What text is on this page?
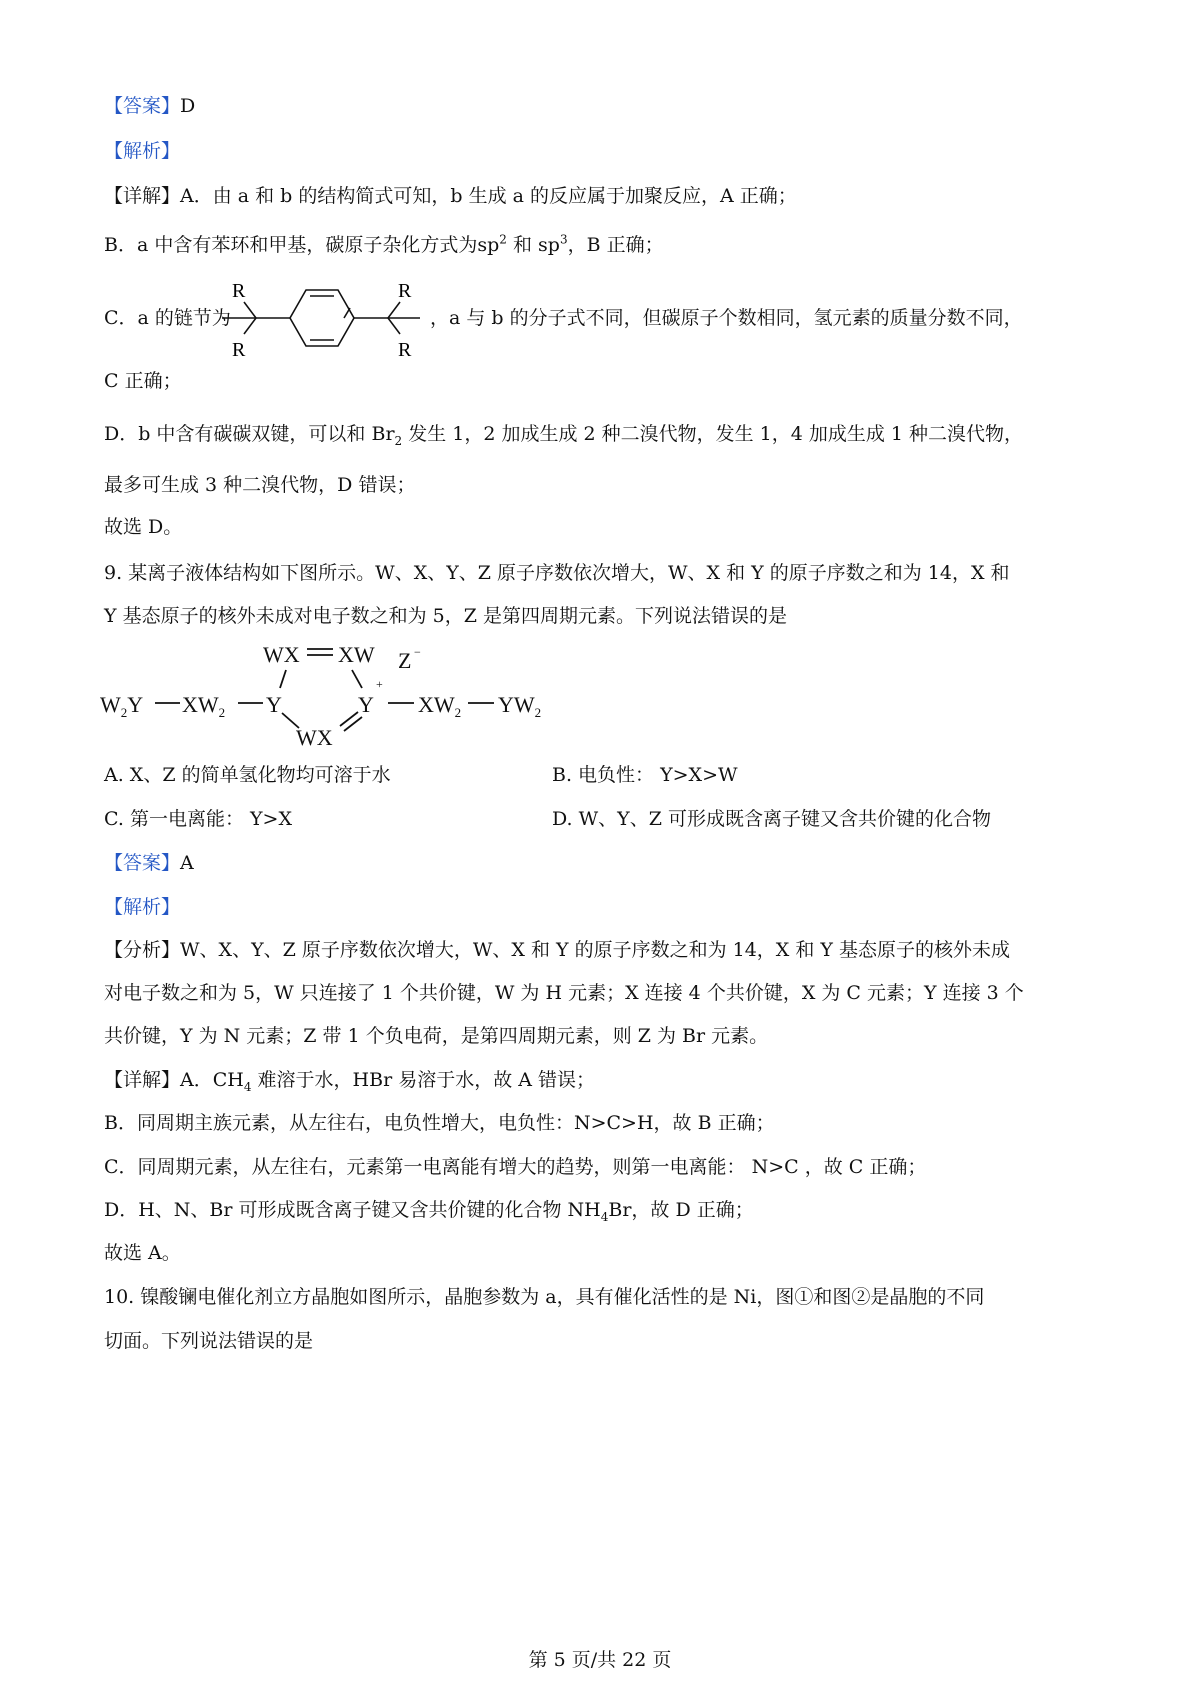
【答案】D
【解析】
【详解】A．由 a 和 b 的结构简式可知，b 生成 a 的反应属于加聚反应，A 正确；
B．a 中含有苯环和甲基，碳原子杂化方式为$sp^2$ 和 $sp^3$，B 正确；
C．a 的链节为
R
R
R
R
，a 与 b 的分子式不同，但碳原子个数相同，氢元素的质量分数不同，
C 正确；
D．b 中含有碳碳双键，可以和 $Br_2$ 发生 1，2 加成生成 2 种二溴代物，发生 1，4 加成生成 1 种二溴代物，
最多可生成 3 种二溴代物，D 错误；
故选 D。
9. 某离子液体结构如下图所示。W、X、Y、Z 原子序数依次增大，W、X 和 Y 的原子序数之和为 14，X 和
Y 基态原子的核外未成对电子数之和为 5，Z 是第四周期元素。下列说法错误的是
WX XW Z −
$W_2Y$ $XW_2$ Y	Y
+
$XW_2$ $YW_2$
WX
A. X、Z 的简单氢化物均可溶于水	B. 电负性： Y>X>W
C. 第一电离能： Y>X	D. W、Y、Z 可形成既含离子键又含共价键的化合物
【答案】A
【解析】
【分析】W、X、Y、Z 原子序数依次增大，W、X 和 Y 的原子序数之和为 14，X 和 Y 基态原子的核外未成
对电子数之和为 5，W 只连接了 1 个共价键，W 为 H 元素；X 连接 4 个共价键，X 为 C 元素；Y 连接 3 个
共价键，Y 为 N 元素；Z 带 1 个负电荷，是第四周期元素，则 Z 为 Br 元素。
【详解】A．$CH_4$ 难溶于水，HBr 易溶于水，故 A 错误；
B．同周期主族元素，从左往右，电负性增大，电负性：N>C>H，故 B 正确；
C．同周期元素，从左往右，元素第一电离能有增大的趋势，则第一电离能： N>C ，故 C 正确；
D．H、N、Br 可形成既含离子键又含共价键的化合物 $NH_4Br$，故 D 正确；
故选 A。
10. 镍酸镧电催化剂立方晶胞如图所示，晶胞参数为 a，具有催化活性的是 Ni，图①和图②是晶胞的不同
切面。下列说法错误的是
第 5 页/共 22 页
